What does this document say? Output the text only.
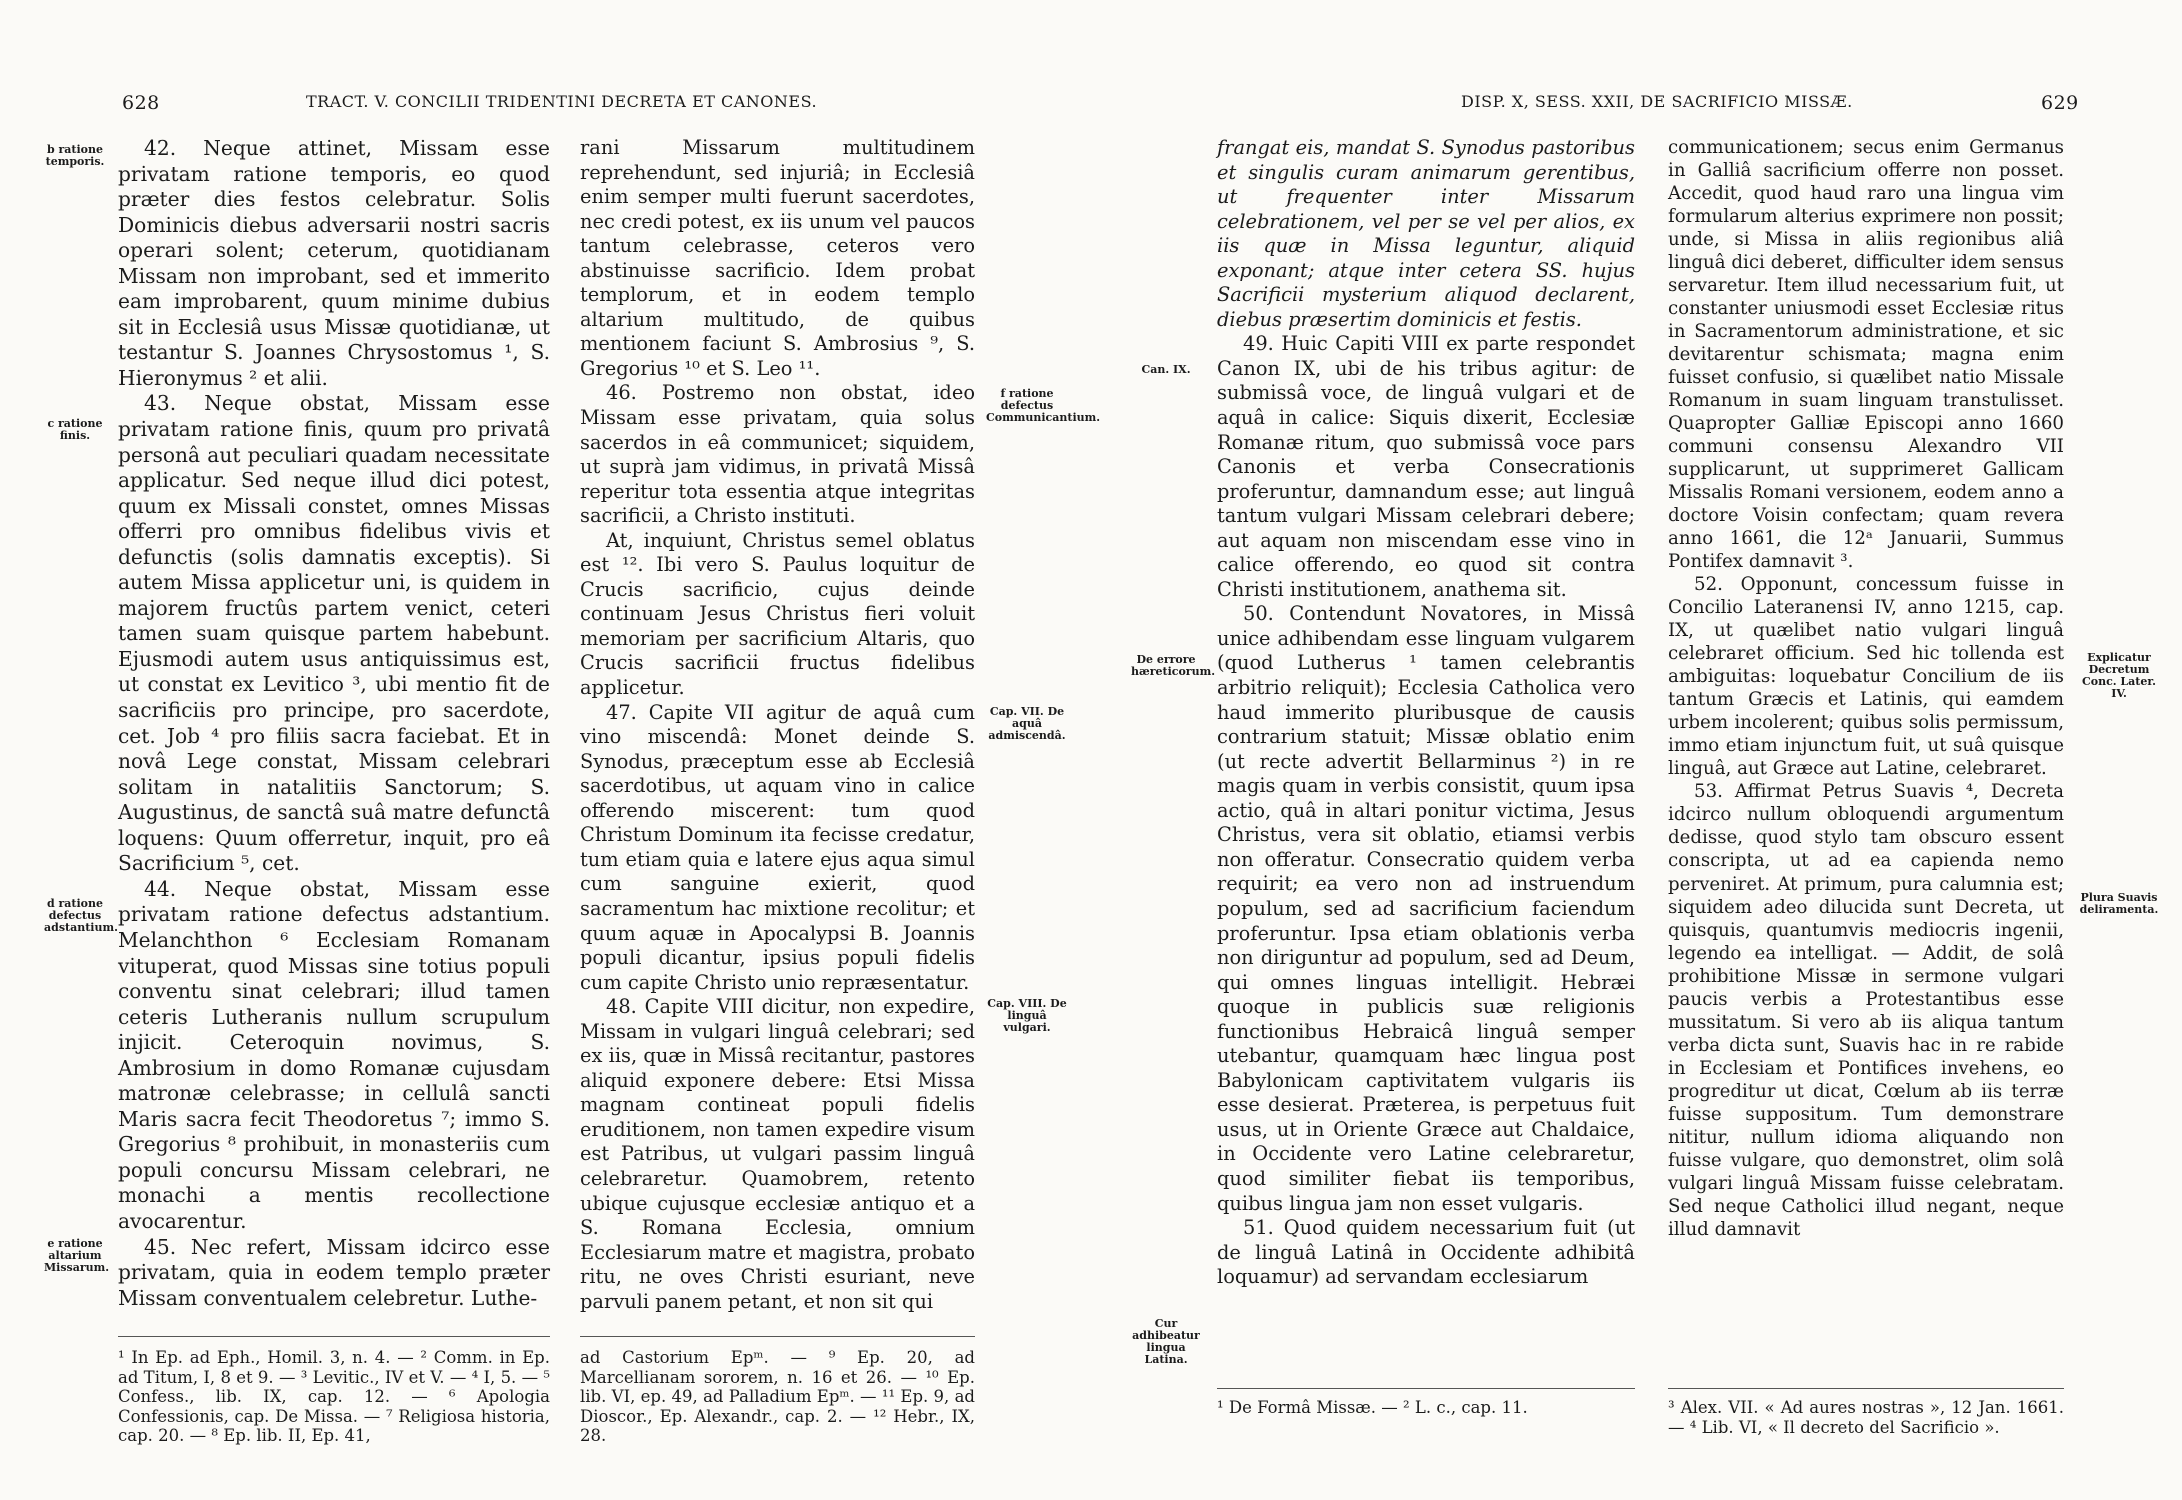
628	TRACT. V. CONCILII TRIDENTINI DECRETA ET CANONES.
b ratione temporis.
c ratione finis.
d ratione defectus adstantium.
e ratione altarium Missarum.
f ratione defectus Communicantium.
Cap. VII. De aquâ admiscendâ.
Cap. VIII. De linguâ vulgari.

42. Neque attinet, Missam esse privatam ratione temporis, eo quod præter dies festos celebratur. Solis Dominicis diebus adversarii nostri sacris operari solent; ceterum, quotidianam Missam non improbant, sed et immerito eam improbarent, quum minime dubius sit in Ecclesiâ usus Missæ quotidianæ, ut testantur S. Joannes Chrysostomus ¹, S. Hieronymus ² et alii.

43. Neque obstat, Missam esse privatam ratione finis, quum pro privatâ personâ aut peculiari quadam necessitate applicatur. Sed neque illud dici potest, quum ex Missali constet, omnes Missas offerri pro omnibus fidelibus vivis et defunctis (solis damnatis exceptis). Si autem Missa applicetur uni, is quidem in majorem fructûs partem venict, ceteri tamen suam quisque partem habebunt. Ejusmodi autem usus antiquissimus est, ut constat ex Levitico ³, ubi mentio fit de sacrificiis pro principe, pro sacerdote, cet. Job ⁴ pro filiis sacra faciebat. Et in novâ Lege constat, Missam celebrari solitam in natalitiis Sanctorum; S. Augustinus, de sanctâ suâ matre defunctâ loquens: Quum offerretur, inquit, pro eâ Sacrificium ⁵, cet.

44. Neque obstat, Missam esse privatam ratione defectus adstantium. Melanchthon ⁶ Ecclesiam Romanam vituperat, quod Missas sine totius populi conventu sinat celebrari; illud tamen ceteris Lutheranis nullum scrupulum injicit. Ceteroquin novimus, S. Ambrosium in domo Romanæ cujusdam matronæ celebrasse; in cellulâ sancti Maris sacra fecit Theodoretus ⁷; immo S. Gregorius ⁸ prohibuit, in monasteriis cum populi concursu Missam celebrari, ne monachi a mentis recollectione avocarentur.

45. Nec refert, Missam idcirco esse privatam, quia in eodem templo præter Missam conventualem celebretur. Luthe-

rani Missarum multitudinem reprehendunt, sed injuriâ; in Ecclesiâ enim semper multi fuerunt sacerdotes, nec credi potest, ex iis unum vel paucos tantum celebrasse, ceteros vero abstinuisse sacrificio. Idem probat templorum, et in eodem templo altarium multitudo, de quibus mentionem faciunt S. Ambrosius ⁹, S. Gregorius ¹⁰ et S. Leo ¹¹.

46. Postremo non obstat, ideo Missam esse privatam, quia solus sacerdos in eâ communicet; siquidem, ut suprà jam vidimus, in privatâ Missâ reperitur tota essentia atque integritas sacrificii, a Christo instituti.

At, inquiunt, Christus semel oblatus est ¹². Ibi vero S. Paulus loquitur de Crucis sacrificio, cujus deinde continuam Jesus Christus fieri voluit memoriam per sacrificium Altaris, quo Crucis sacrificii fructus fidelibus applicetur.

47. Capite VII agitur de aquâ cum vino miscendâ: Monet deinde S. Synodus, præceptum esse ab Ecclesiâ sacerdotibus, ut aquam vino in calice offerendo miscerent: tum quod Christum Dominum ita fecisse credatur, tum etiam quia e latere ejus aqua simul cum sanguine exierit, quod sacramentum hac mixtione recolitur; et quum aquæ in Apocalypsi B. Joannis populi dicantur, ipsius populi fidelis cum capite Christo unio repræsentatur.

48. Capite VIII dicitur, non expedire, Missam in vulgari linguâ celebrari; sed ex iis, quæ in Missâ recitantur, pastores aliquid exponere debere: Etsi Missa magnam contineat populi fidelis eruditionem, non tamen expedire visum est Patribus, ut vulgari passim linguâ celebraretur. Quamobrem, retento ubique cujusque ecclesiæ antiquo et a S. Romana Ecclesia, omnium Ecclesiarum matre et magistra, probato ritu, ne oves Christi esuriant, neve parvuli panem petant, et non sit qui

¹ In Ep. ad Eph., Homil. 3, n. 4. — ² Comm. in Ep. ad Titum, I, 8 et 9. — ³ Levitic., IV et V. — ⁴ I, 5. — ⁵ Confess., lib. IX, cap. 12. — ⁶ Apologia Confessionis, cap. De Missa. — ⁷ Religiosa historia, cap. 20. — ⁸ Ep. lib. II, Ep. 41,
ad Castorium Epᵐ. — ⁹ Ep. 20, ad Marcellianam sororem, n. 16 et 26. — ¹⁰ Ep. lib. VI, ep. 49, ad Palladium Epᵐ. — ¹¹ Ep. 9, ad Dioscor., Ep. Alexandr., cap. 2. — ¹² Hebr., IX, 28.
DISP. X, SESS. XXII, DE SACRIFICIO MISSÆ.	629
Can. IX.
De errore hæreticorum.
Cur adhibeatur lingua Latina.
Explicatur Decretum Conc. Later. IV.
Plura Suavis deliramenta.

frangat eis, mandat S. Synodus pastoribus et singulis curam animarum gerentibus, ut frequenter inter Missarum celebrationem, vel per se vel per alios, ex iis quæ in Missa leguntur, aliquid exponant; atque inter cetera SS. hujus Sacrificii mysterium aliquod declarent, diebus præsertim dominicis et festis.

49. Huic Capiti VIII ex parte respondet Canon IX, ubi de his tribus agitur: de submissâ voce, de linguâ vulgari et de aquâ in calice: Siquis dixerit, Ecclesiæ Romanæ ritum, quo submissâ voce pars Canonis et verba Consecrationis proferuntur, damnandum esse; aut linguâ tantum vulgari Missam celebrari debere; aut aquam non miscendam esse vino in calice offerendo, eo quod sit contra Christi institutionem, anathema sit.

50. Contendunt Novatores, in Missâ unice adhibendam esse linguam vulgarem (quod Lutherus ¹ tamen celebrantis arbitrio reliquit); Ecclesia Catholica vero haud immerito pluribusque de causis contrarium statuit; Missæ oblatio enim (ut recte advertit Bellarminus ²) in re magis quam in verbis consistit, quum ipsa actio, quâ in altari ponitur victima, Jesus Christus, vera sit oblatio, etiamsi verbis non offeratur. Consecratio quidem verba requirit; ea vero non ad instruendum populum, sed ad sacrificium faciendum proferuntur. Ipsa etiam oblationis verba non diriguntur ad populum, sed ad Deum, qui omnes linguas intelligit. Hebræi quoque in publicis suæ religionis functionibus Hebraicâ linguâ semper utebantur, quamquam hæc lingua post Babylonicam captivitatem vulgaris iis esse desierat. Præterea, is perpetuus fuit usus, ut in Oriente Græce aut Chaldaice, in Occidente vero Latine celebraretur, quod similiter fiebat iis temporibus, quibus lingua jam non esset vulgaris.

51. Quod quidem necessarium fuit (ut de linguâ Latinâ in Occidente adhibitâ loquamur) ad servandam ecclesiarum

communicationem; secus enim Germanus in Galliâ sacrificium offerre non posset. Accedit, quod haud raro una lingua vim formularum alterius exprimere non possit; unde, si Missa in aliis regionibus aliâ linguâ dici deberet, difficulter idem sensus servaretur. Item illud necessarium fuit, ut constanter uniusmodi esset Ecclesiæ ritus in Sacramentorum administratione, et sic devitarentur schismata; magna enim fuisset confusio, si quælibet natio Missale Romanum in suam linguam transtulisset. Quapropter Galliæ Episcopi anno 1660 communi consensu Alexandro VII supplicarunt, ut supprimeret Gallicam Missalis Romani versionem, eodem anno a doctore Voisin confectam; quam revera anno 1661, die 12ᵃ Januarii, Summus Pontifex damnavit ³.

52. Opponunt, concessum fuisse in Concilio Lateranensi IV, anno 1215, cap. IX, ut quælibet natio vulgari linguâ celebraret officium. Sed hic tollenda est ambiguitas: loquebatur Concilium de iis tantum Græcis et Latinis, qui eamdem urbem incolerent; quibus solis permissum, immo etiam injunctum fuit, ut suâ quisque linguâ, aut Græce aut Latine, celebraret.

53. Affirmat Petrus Suavis ⁴, Decreta idcirco nullum obloquendi argumentum dedisse, quod stylo tam obscuro essent conscripta, ut ad ea capienda nemo perveniret. At primum, pura calumnia est; siquidem adeo dilucida sunt Decreta, ut quisquis, quantumvis mediocris ingenii, legendo ea intelligat. — Addit, de solâ prohibitione Missæ in sermone vulgari paucis verbis a Protestantibus esse mussitatum. Si vero ab iis aliqua tantum verba dicta sunt, Suavis hac in re rabide in Ecclesiam et Pontifices invehens, eo progreditur ut dicat, Cœlum ab iis terræ fuisse suppositum. Tum demonstrare nititur, nullum idioma aliquando non fuisse vulgare, quo demonstret, olim solâ vulgari linguâ Missam fuisse celebratam. Sed neque Catholici illud negant, neque illud damnavit

¹ De Formâ Missæ. — ² L. c., cap. 11.	³ Alex. VII. « Ad aures nostras », 12 Jan. 1661. — ⁴ Lib. VI, « Il decreto del Sacrificio ».
